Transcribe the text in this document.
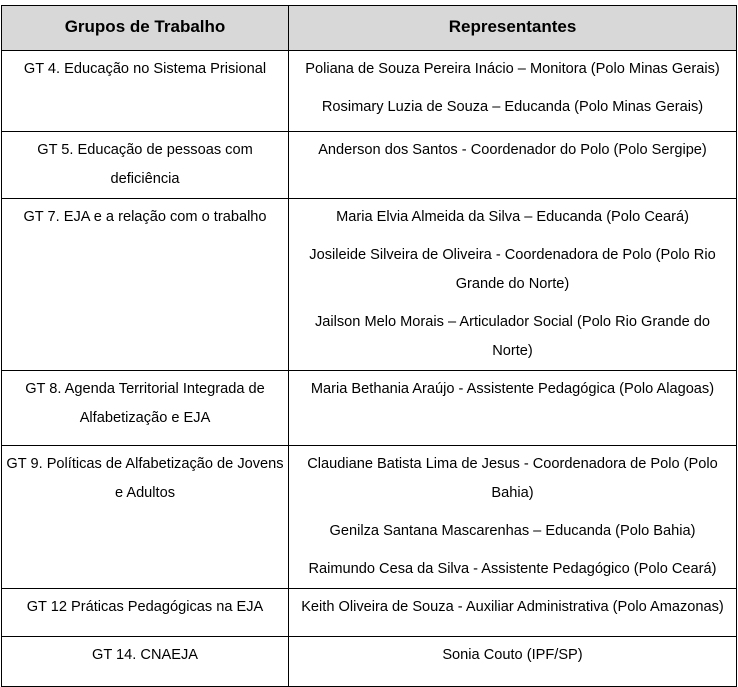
Grupos de Trabalho	Representantes
GT 4. Educação no Sistema Prisional	Poliana de Souza Pereira Inácio – Monitora (Polo Minas Gerais)
Rosimary Luzia de Souza – Educanda (Polo Minas Gerais)

GT 5. Educação de pessoas com deficiência	Anderson dos Santos - Coordenador do Polo (Polo Sergipe)

GT 7. EJA e a relação com o trabalho	Maria Elvia Almeida da Silva – Educanda (Polo Ceará)
Josileide Silveira de Oliveira - Coordenadora de Polo (Polo Rio Grande do Norte)
Jailson Melo Morais – Articulador Social (Polo Rio Grande do Norte)

GT 8. Agenda Territorial Integrada de Alfabetização e EJA	Maria Bethania Araújo - Assistente Pedagógica (Polo Alagoas)

GT 9. Políticas de Alfabetização de Jovens e Adultos	Claudiane Batista Lima de Jesus - Coordenadora de Polo (Polo Bahia)
Genilza Santana Mascarenhas – Educanda (Polo Bahia)
Raimundo Cesa da Silva - Assistente Pedagógico (Polo Ceará)

GT 12 Práticas Pedagógicas na EJA	Keith Oliveira de Souza - Auxiliar Administrativa (Polo Amazonas)

GT 14. CNAEJA	Sonia Couto (IPF/SP)
